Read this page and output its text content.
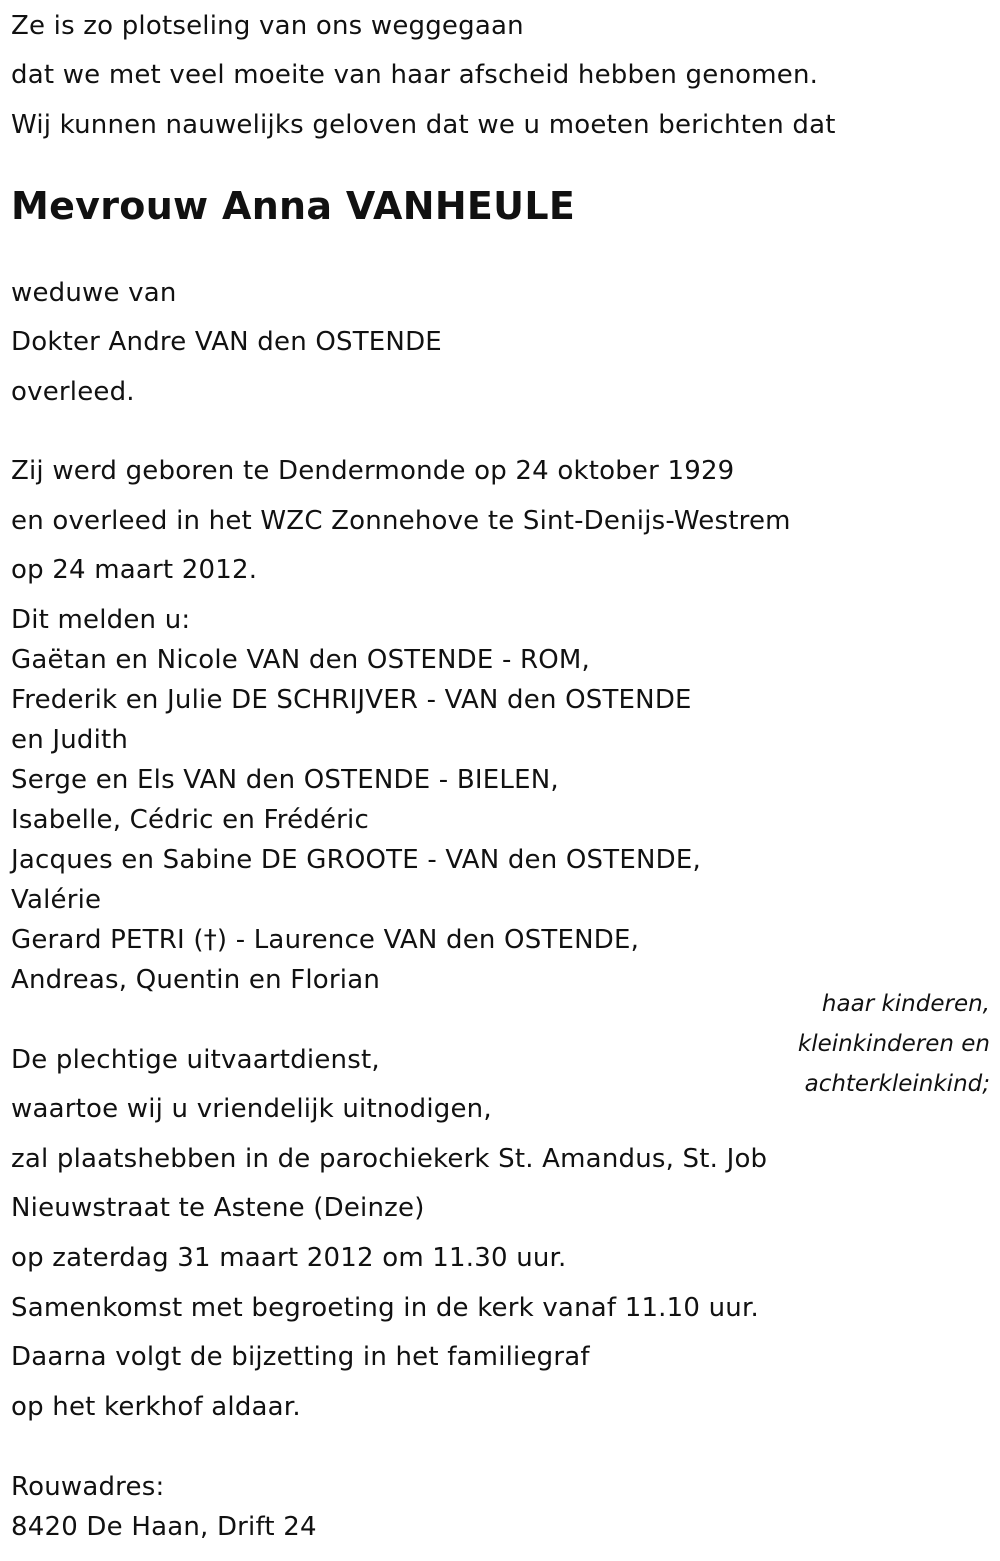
Ze is zo plotseling van ons weggegaan
dat we met veel moeite van haar afscheid hebben genomen.
Wij kunnen nauwelijks geloven dat we u moeten berichten dat
Mevrouw Anna VANHEULE
weduwe van
Dokter Andre VAN den OSTENDE
overleed.
Zij werd geboren te Dendermonde op 24 oktober 1929
en overleed in het WZC Zonnehove te Sint-Denijs-Westrem
op 24 maart 2012.
Dit melden u:
Gaëtan en Nicole VAN den OSTENDE - ROM,
Frederik en Julie DE SCHRIJVER - VAN den OSTENDE
en Judith
Serge en Els VAN den OSTENDE - BIELEN,
Isabelle, Cédric en Frédéric
Jacques en Sabine DE GROOTE - VAN den OSTENDE,
Valérie
Gerard PETRI (†) - Laurence VAN den OSTENDE,
Andreas, Quentin en Florian
haar kinderen,
kleinkinderen en
achterkleinkind;
De plechtige uitvaartdienst,
waartoe wij u vriendelijk uitnodigen,
zal plaatshebben in de parochiekerk St. Amandus, St. Job
Nieuwstraat te Astene (Deinze)
op zaterdag 31 maart 2012 om 11.30 uur.
Samenkomst met begroeting in de kerk vanaf 11.10 uur.
Daarna volgt de bijzetting in het familiegraf
op het kerkhof aldaar.
Rouwadres:
8420 De Haan, Drift 24
